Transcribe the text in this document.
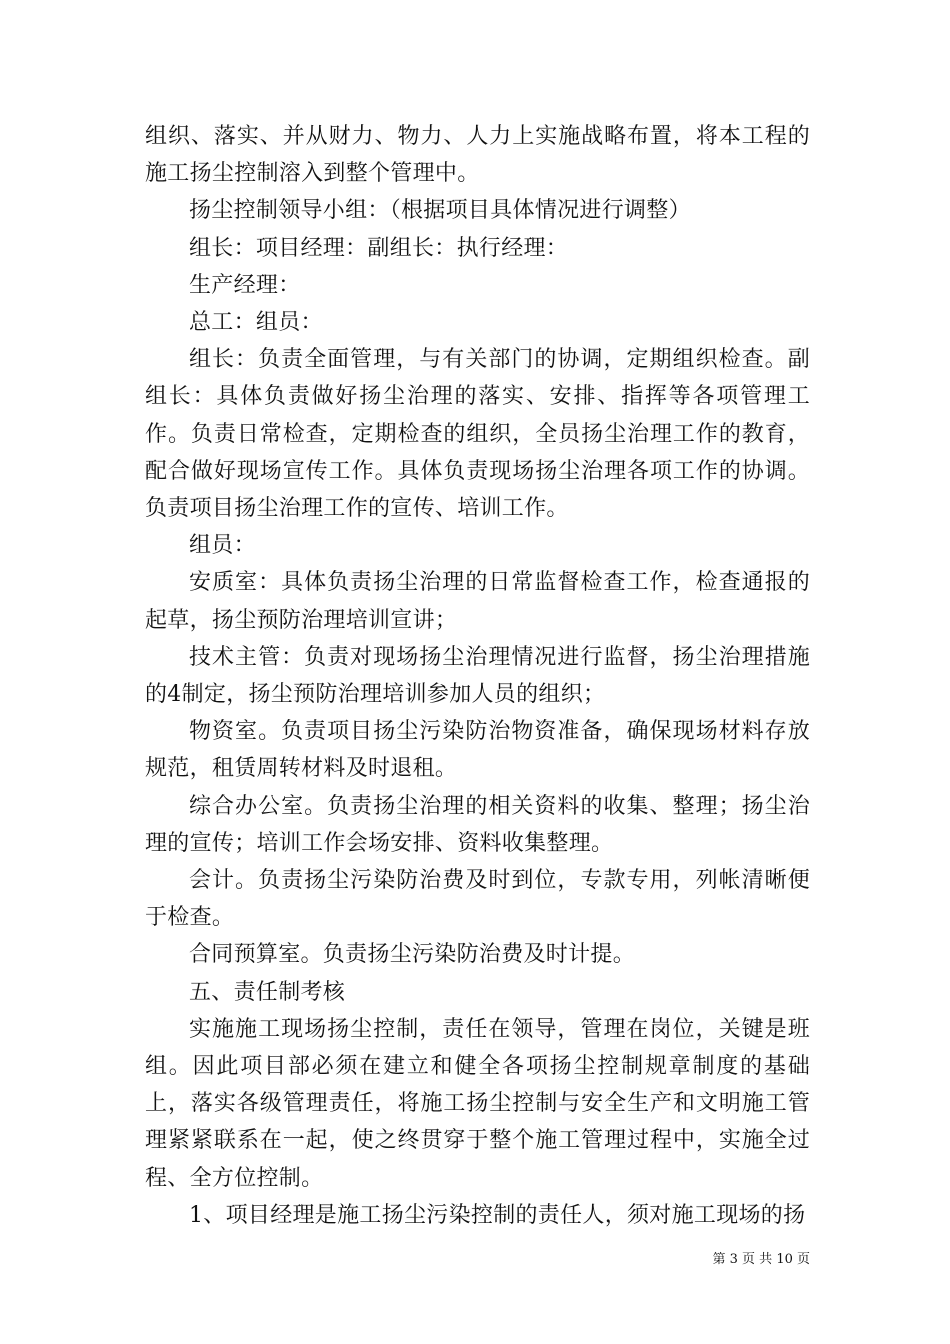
组织、落实、并从财力、物力、人力上实施战略布置，将本工程的施工扬尘控制溶入到整个管理中。

扬尘控制领导小组：（根据项目具体情况进行调整）

组长：项目经理：副组长：执行经理：

生产经理：

总工：组员：

组长：负责全面管理，与有关部门的协调，定期组织检查。副组长：具体负责做好扬尘治理的落实、安排、指挥等各项管理工作。负责日常检查，定期检查的组织，全员扬尘治理工作的教育，配合做好现场宣传工作。具体负责现场扬尘治理各项工作的协调。负责项目扬尘治理工作的宣传、培训工作。

组员：

安质室：具体负责扬尘治理的日常监督检查工作，检查通报的起草，扬尘预防治理培训宣讲；

技术主管：负责对现场扬尘治理情况进行监督，扬尘治理措施的4制定，扬尘预防治理培训参加人员的组织；

物资室。负责项目扬尘污染防治物资准备，确保现场材料存放规范，租赁周转材料及时退租。

综合办公室。负责扬尘治理的相关资料的收集、整理；扬尘治理的宣传；培训工作会场安排、资料收集整理。

会计。负责扬尘污染防治费及时到位，专款专用，列帐清晰便于检查。

合同预算室。负责扬尘污染防治费及时计提。

五、责任制考核

实施施工现场扬尘控制，责任在领导，管理在岗位，关键是班组。因此项目部必须在建立和健全各项扬尘控制规章制度的基础上，落实各级管理责任，将施工扬尘控制与安全生产和文明施工管理紧紧联系在一起，使之终贯穿于整个施工管理过程中，实施全过程、全方位控制。

1、项目经理是施工扬尘污染控制的责任人，须对施工现场的扬

第 3 页 共 10 页
